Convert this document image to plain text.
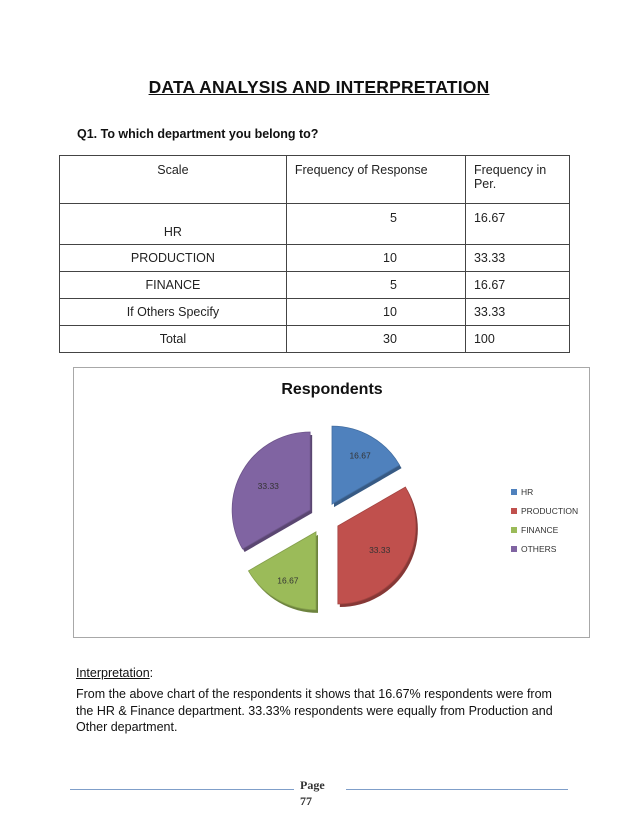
DATA ANALYSIS AND INTERPRETATION
Q1. To which department you belong to?
Scale	Frequency of Response	Frequency in Per.
HR	5	16.67
PRODUCTION	10	33.33
FINANCE	5	16.67
If Others Specify	10	33.33
Total	30	100
Respondents
16.67
33.33
16.67
33.33
HR
PRODUCTION
FINANCE
OTHERS
Interpretation:
From the above chart of the respondents it shows that 16.67% respondents were from the HR & Finance department. 33.33% respondents were equally from Production and Other department.
Page
77
